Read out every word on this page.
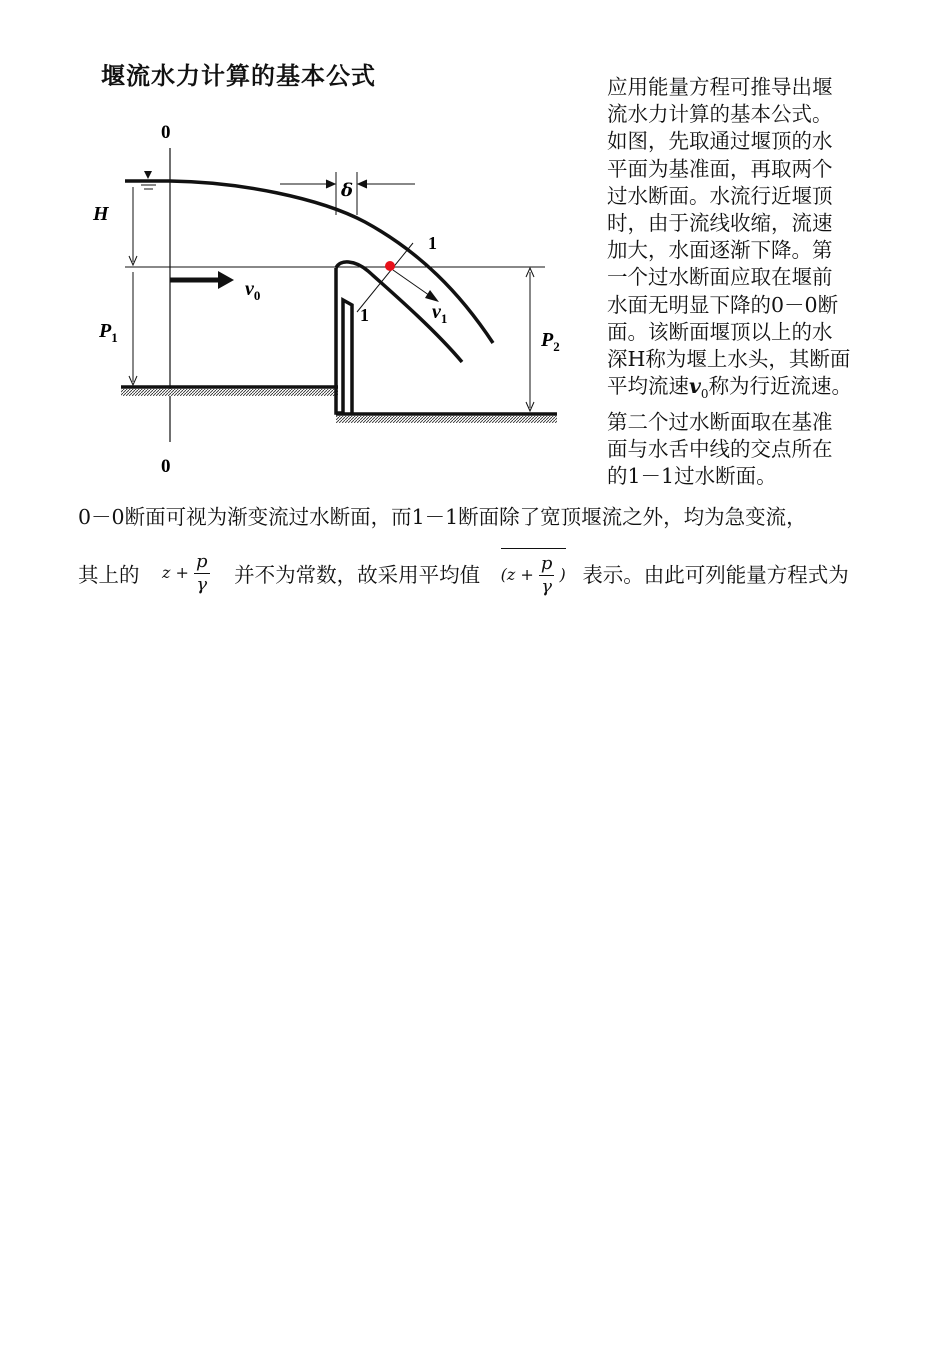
堰流水力计算的基本公式
0
0
H
$P_1$	$P_2$
δ
$v_0$
1
1	$v_1$
应用能量方程可推导出堰
流水力计算的基本公式。
如图，先取通过堰顶的水
平面为基准面，再取两个
过水断面。水流行近堰顶
时，由于流线收缩，流速
加大，水面逐渐下降。第
一个过水断面应取在堰前
水面无明显下降的0－0断
面。该断面堰顶以上的水
深H称为堰上水头，其断面
平均流速$v_0$称为行近流速。
第二个过水断面取在基准
面与水舌中线的交点所在
的1－1过水断面。
0－0断面可视为渐变流过水断面，而1－1断面除了宽顶堰流之外，均为急变流，
其上的 $z + \frac{p}{\gamma}$ 并不为常数，故采用平均值 ($z + \frac{p}{\gamma}$ ) 表示。由此可列能量方程式为
